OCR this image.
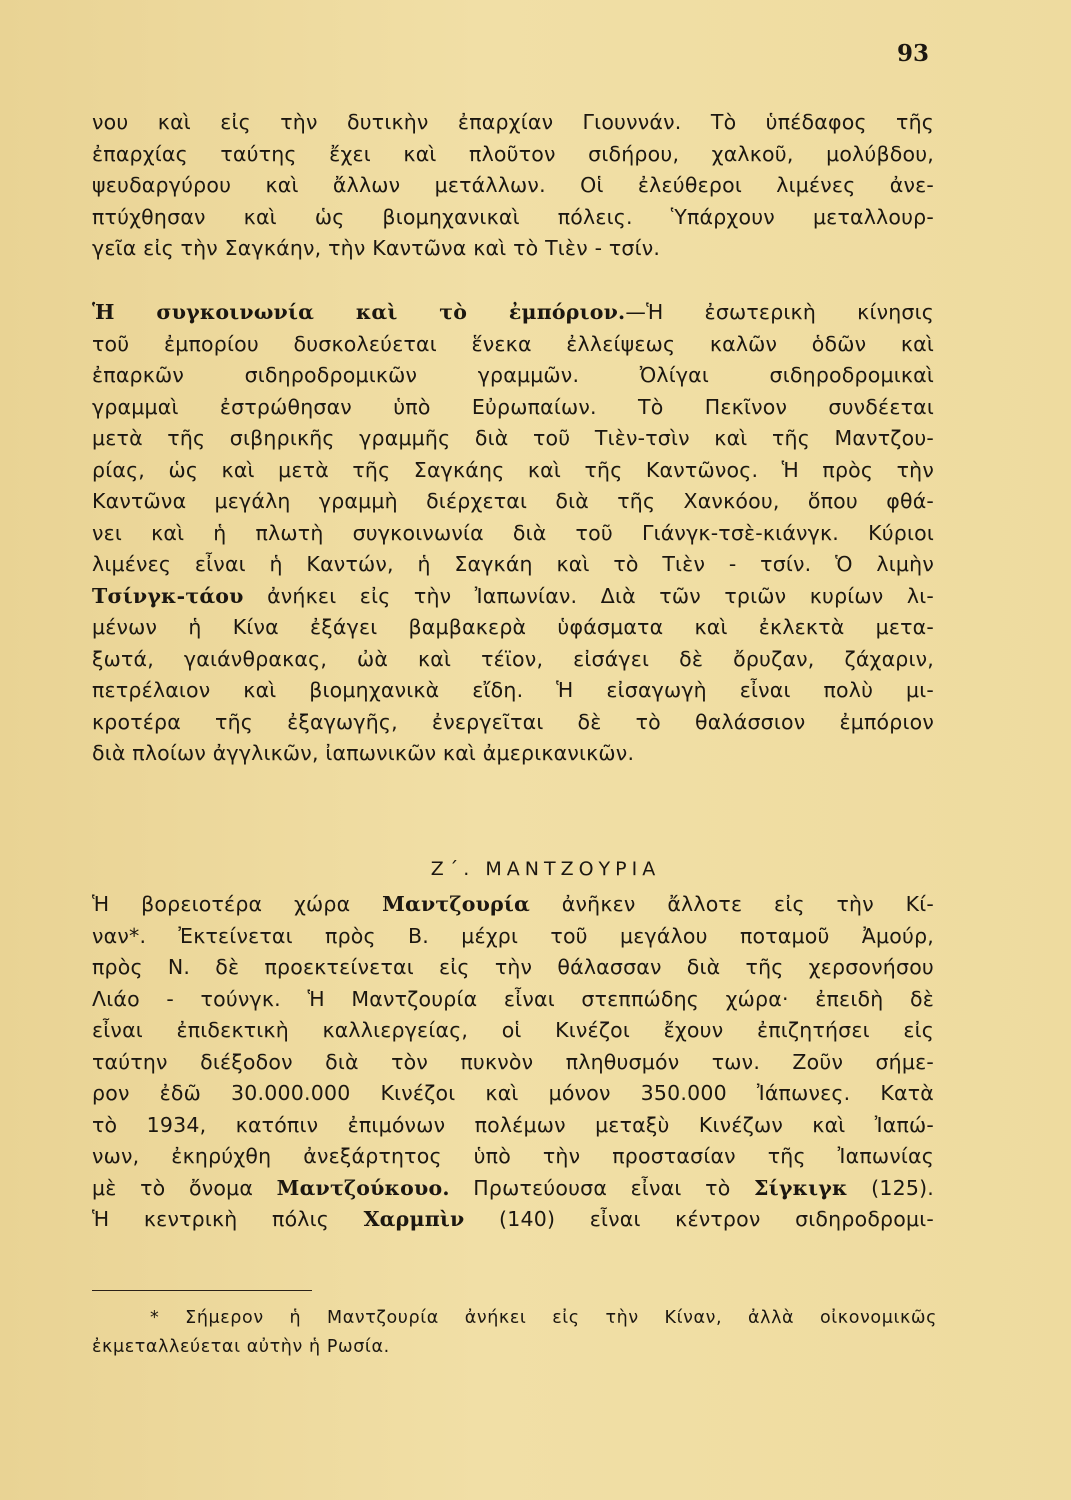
93

νου καὶ εἰς τὴν δυτικὴν ἐπαρχίαν Γιουννάν. Τὸ ὑπέδαφος τῆς
ἐπαρχίας ταύτης ἔχει καὶ πλοῦτον σιδήρου, χαλκοῦ, μολύβδου,
ψευδαργύρου καὶ ἄλλων μετάλλων. Οἱ ἐλεύθεροι λιμένες ἀνε-
πτύχθησαν καὶ ὡς βιομηχανικαὶ πόλεις. Ὑπάρχουν μεταλλουρ-
γεῖα εἰς τὴν Σαγκάην, τὴν Καντῶνα καὶ τὸ Τιὲν - τσίν.
Ἡ συγκοινωνία καὶ τὸ ἐμπόριον.—Ἡ ἐσωτερικὴ κίνησις
τοῦ ἐμπορίου δυσκολεύεται ἕνεκα ἐλλείψεως καλῶν ὁδῶν καὶ
ἐπαρκῶν σιδηροδρομικῶν γραμμῶν. Ὀλίγαι σιδηροδρομικαὶ
γραμμαὶ ἐστρώθησαν ὑπὸ Εὐρωπαίων. Τὸ Πεκῖνον συνδέεται
μετὰ τῆς σιβηρικῆς γραμμῆς διὰ τοῦ Τιὲν-τσὶν καὶ τῆς Μαντζου-
ρίας, ὡς καὶ μετὰ τῆς Σαγκάης καὶ τῆς Καντῶνος. Ἡ πρὸς τὴν
Καντῶνα μεγάλη γραμμὴ διέρχεται διὰ τῆς Χανκόου, ὅπου φθά-
νει καὶ ἡ πλωτὴ συγκοινωνία διὰ τοῦ Γιάνγκ-τσὲ-κιάνγκ. Κύριοι
λιμένες εἶναι ἡ Καντών, ἡ Σαγκάη καὶ τὸ Τιὲν - τσίν. Ὁ λιμὴν
Τσίνγκ-τάου ἀνήκει εἰς τὴν Ἰαπωνίαν. Διὰ τῶν τριῶν κυρίων λι-
μένων ἡ Κίνα ἐξάγει βαμβακερὰ ὑφάσματα καὶ ἐκλεκτὰ μετα-
ξωτά, γαιάνθρακας, ὠὰ καὶ τέϊον, εἰσάγει δὲ ὄρυζαν, ζάχαριν,
πετρέλαιον καὶ βιομηχανικὰ εἴδη. Ἡ εἰσαγωγὴ εἶναι πολὺ μι-
κροτέρα τῆς ἐξαγωγῆς, ἐνεργεῖται δὲ τὸ θαλάσσιον ἐμπόριον
διὰ πλοίων ἀγγλικῶν, ἰαπωνικῶν καὶ ἀμερικανικῶν.

Ζ΄. ΜΑΝΤΖΟΥΡΙΑ

Ἡ βορειοτέρα χώρα Μαντζουρία ἀνῆκεν ἄλλοτε εἰς τὴν Κί-
ναν*. Ἐκτείνεται πρὸς Β. μέχρι τοῦ μεγάλου ποταμοῦ Ἀμούρ,
πρὸς Ν. δὲ προεκτείνεται εἰς τὴν θάλασσαν διὰ τῆς χερσονήσου
Λιάο - τούνγκ. Ἡ Μαντζουρία εἶναι στεππώδης χώρα· ἐπειδὴ δὲ
εἶναι ἐπιδεκτικὴ καλλιεργείας, οἱ Κινέζοι ἔχουν ἐπιζητήσει εἰς
ταύτην διέξοδον διὰ τὸν πυκνὸν πληθυσμόν των. Ζοῦν σήμε-
ρον ἐδῶ 30.000.000 Κινέζοι καὶ μόνον 350.000 Ἰάπωνες. Κατὰ
τὸ 1934, κατόπιν ἐπιμόνων πολέμων μεταξὺ Κινέζων καὶ Ἰαπώ-
νων, ἐκηρύχθη ἀνεξάρτητος ὑπὸ τὴν προστασίαν τῆς Ἰαπωνίας
μὲ τὸ ὄνομα Μαντζούκουο. Πρωτεύουσα εἶναι τὸ Σίγκιγκ (125).
Ἡ κεντρικὴ πόλις Χαρμπὶν (140) εἶναι κέντρον σιδηροδρομι-
* Σήμερον ἡ Μαντζουρία ἀνήκει εἰς τὴν Κίναν, ἀλλὰ οἰκονομικῶς
ἐκμεταλλεύεται αὐτὴν ἡ Ρωσία.
